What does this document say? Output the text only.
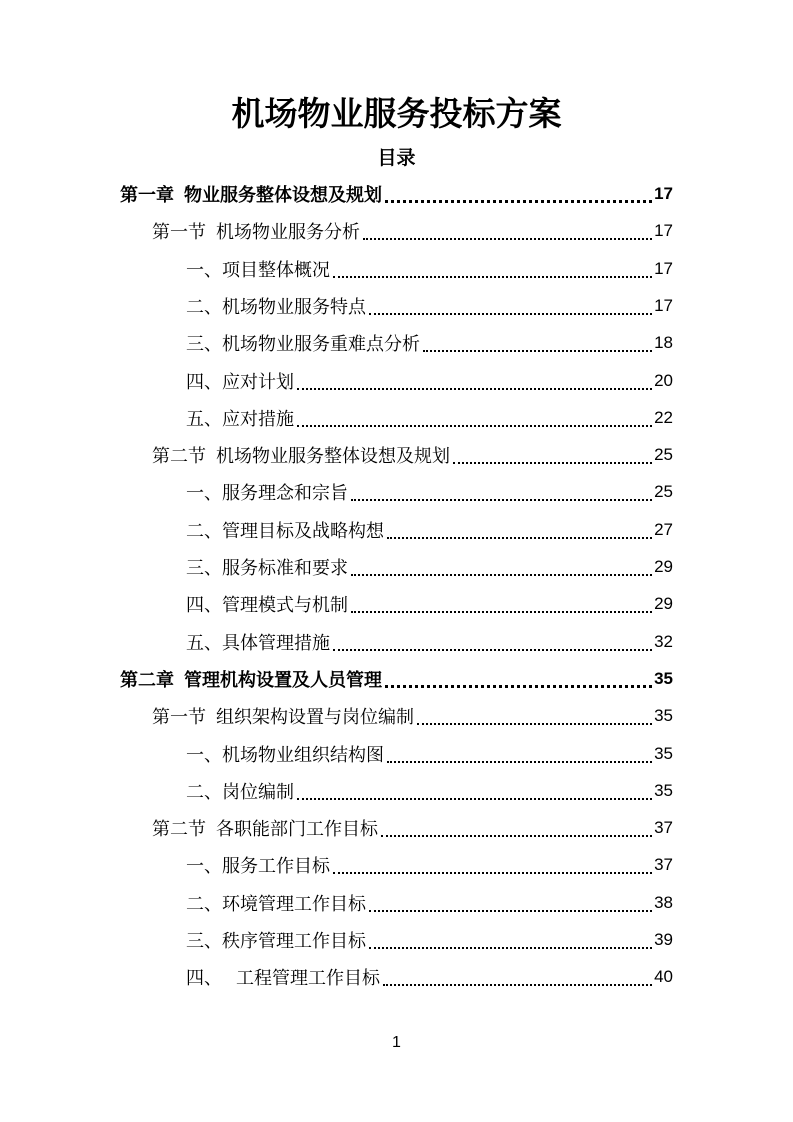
机场物业服务投标方案
目录
第一章 物业服务整体设想及规划	17
第一节 机场物业服务分析	17
一、项目整体概况	17
二、机场物业服务特点	17
三、机场物业服务重难点分析	18
四、应对计划	20
五、应对措施	22
第二节 机场物业服务整体设想及规划	25
一、服务理念和宗旨	25
二、管理目标及战略构想	27
三、服务标准和要求	29
四、管理模式与机制	29
五、具体管理措施	32
第二章 管理机构设置及人员管理	35
第一节 组织架构设置与岗位编制	35
一、机场物业组织结构图	35
二、岗位编制	35
第二节 各职能部门工作目标	37
一、服务工作目标	37
二、环境管理工作目标	38
三、秩序管理工作目标	39
四、 工程管理工作目标	40
1
